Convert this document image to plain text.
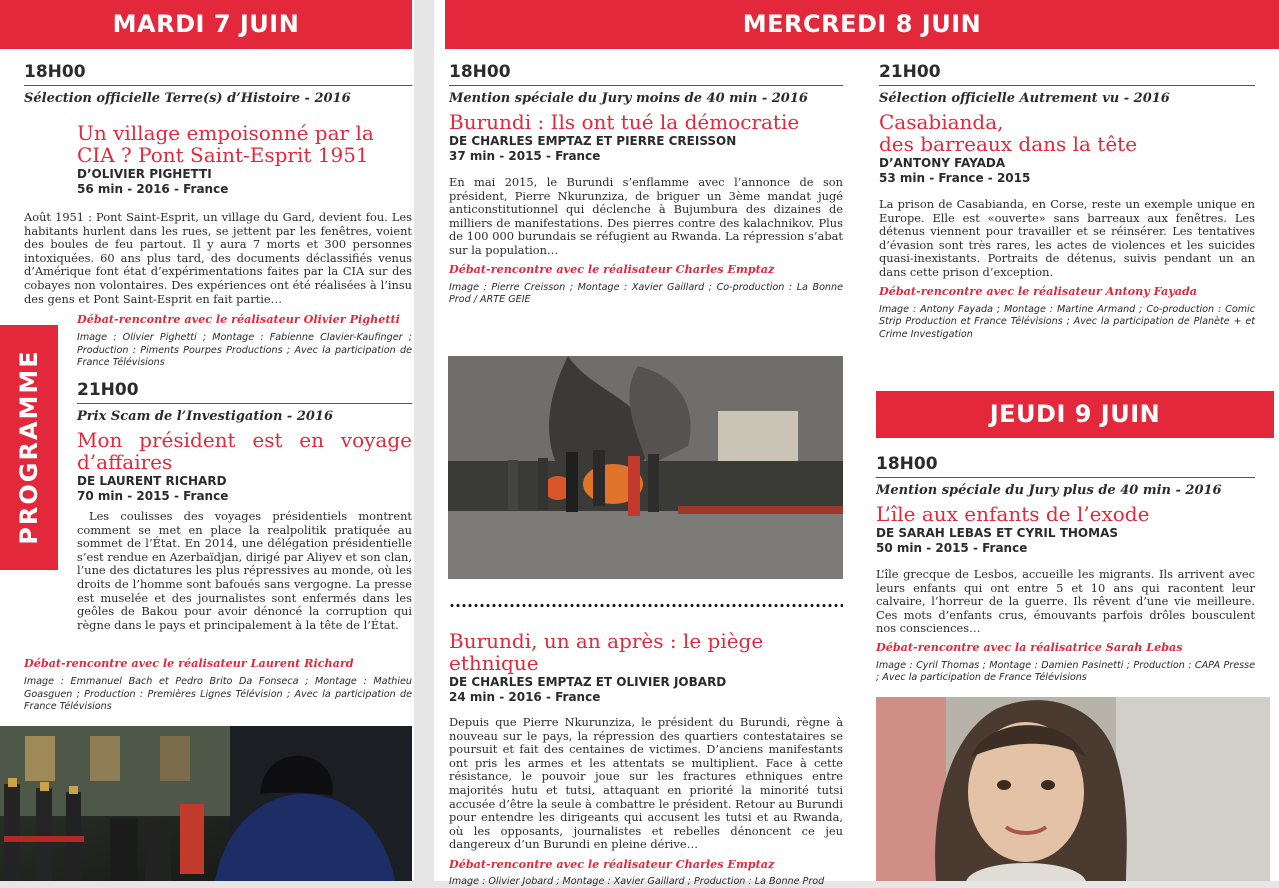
MARDI 7 JUIN
18H00
Sélection officielle Terre(s) d’Histoire - 2016
Un village empoisonné par la CIA ? Pont Saint-Esprit 1951
D’OLIVIER PIGHETTI
56 min - 2016 - France
Août 1951 : Pont Saint-Esprit, un village du Gard, devient fou. Les habitants hurlent dans les rues, se jettent par les fenêtres, voient des boules de feu partout. Il y aura 7 morts et 300 personnes intoxiquées. 60 ans plus tard, des documents déclassifiés venus d’Amérique font état d’expérimentations faites par la CIA sur des cobayes non volontaires. Des expériences ont été réalisées à l’insu des gens et Pont Saint-Esprit en fait partie…
Débat-rencontre avec le réalisateur Olivier Pighetti
Image : Olivier Pighetti ; Montage : Fabienne Clavier-Kaufinger ; Production : Piments Pourpes Productions ; Avec la participation de France Télévisions
21H00
Prix Scam de l’Investigation - 2016
Mon président est en voyage d’affaires
DE LAURENT RICHARD
70 min - 2015 - France
Les coulisses des voyages présidentiels montrent comment se met en place la realpolitik pratiquée au sommet de l’État. En 2014, une délégation présidentielle s’est rendue en Azerbaïdjan, dirigé par Aliyev et son clan, l’une des dictatures les plus répressives au monde, où les droits de l’homme sont bafoués sans vergogne. La presse est muselée et des journalistes sont enfermés dans les geôles de Bakou pour avoir dénoncé la corruption qui règne dans le pays et principalement à la tête de l’État.
Débat-rencontre avec le réalisateur Laurent Richard
Image : Emmanuel Bach et Pedro Brito Da Fonseca ; Montage : Mathieu Goasguen ; Production : Premières Lignes Télévision ; Avec la participation de France Télévisions
PROGRAMME
MERCREDI 8 JUIN
18H00
Mention spéciale du Jury moins de 40 min - 2016
Burundi : Ils ont tué la démocratie
DE CHARLES EMPTAZ ET PIERRE CREISSON
37 min - 2015 - France
En mai 2015, le Burundi s’enflamme avec l’annonce de son président, Pierre Nkurunziza, de briguer un 3ème mandat jugé anticonstitutionnel qui déclenche à Bujumbura des dizaines de milliers de manifestations. Des pierres contre des kalachnikov. Plus de 100 000 burundais se réfugient au Rwanda. La répression s’abat sur la population…
Débat-rencontre avec le réalisateur Charles Emptaz
Image : Pierre Creisson ; Montage : Xavier Gaillard ; Co-production : La Bonne Prod / ARTE GEIE
Burundi, un an après : le piège ethnique
DE CHARLES EMPTAZ ET OLIVIER JOBARD
24 min - 2016 - France
Depuis que Pierre Nkurunziza, le président du Burundi, règne à nouveau sur le pays, la répression des quartiers contestataires se poursuit et fait des centaines de victimes. D’anciens manifestants ont pris les armes et les attentats se multiplient. Face à cette résistance, le pouvoir joue sur les fractures ethniques entre majorités hutu et tutsi, attaquant en priorité la minorité tutsi accusée d’être la seule à combattre le président. Retour au Burundi pour entendre les dirigeants qui accusent les tutsi et au Rwanda, où les opposants, journalistes et rebelles dénoncent ce jeu dangereux d’un Burundi en pleine dérive…
Débat-rencontre avec le réalisateur Charles Emptaz
Image : Olivier Jobard ; Montage : Xavier Gaillard ; Production : La Bonne Prod
21H00
Sélection officielle Autrement vu - 2016
Casabianda,
des barreaux dans la tête
D’ANTONY FAYADA
53 min - France - 2015
La prison de Casabianda, en Corse, reste un exemple unique en Europe. Elle est «ouverte» sans barreaux aux fenêtres. Les détenus viennent pour travailler et se réinsérer. Les tentatives d’évasion sont très rares, les actes de violences et les suicides quasi-inexistants. Portraits de détenus, suivis pendant un an dans cette prison d’exception.
Débat-rencontre avec le réalisateur Antony Fayada
Image : Antony Fayada ; Montage : Martine Armand ; Co-production : Comic Strip Production et France Télévisions ; Avec la participation de Planète + et Crime Investigation
JEUDI 9 JUIN
18H00
Mention spéciale du Jury plus de 40 min - 2016
L’île aux enfants de l’exode
DE SARAH LEBAS ET CYRIL THOMAS
50 min - 2015 - France
L’île grecque de Lesbos, accueille les migrants. Ils arrivent avec leurs enfants qui ont entre 5 et 10 ans qui racontent leur calvaire, l’horreur de la guerre. Ils rêvent d’une vie meilleure. Ces mots d’enfants crus, émouvants parfois drôles bousculent nos consciences…
Débat-rencontre avec la réalisatrice Sarah Lebas
Image : Cyril Thomas ; Montage : Damien Pasinetti ; Production : CAPA Presse ; Avec la participation de France Télévisions
